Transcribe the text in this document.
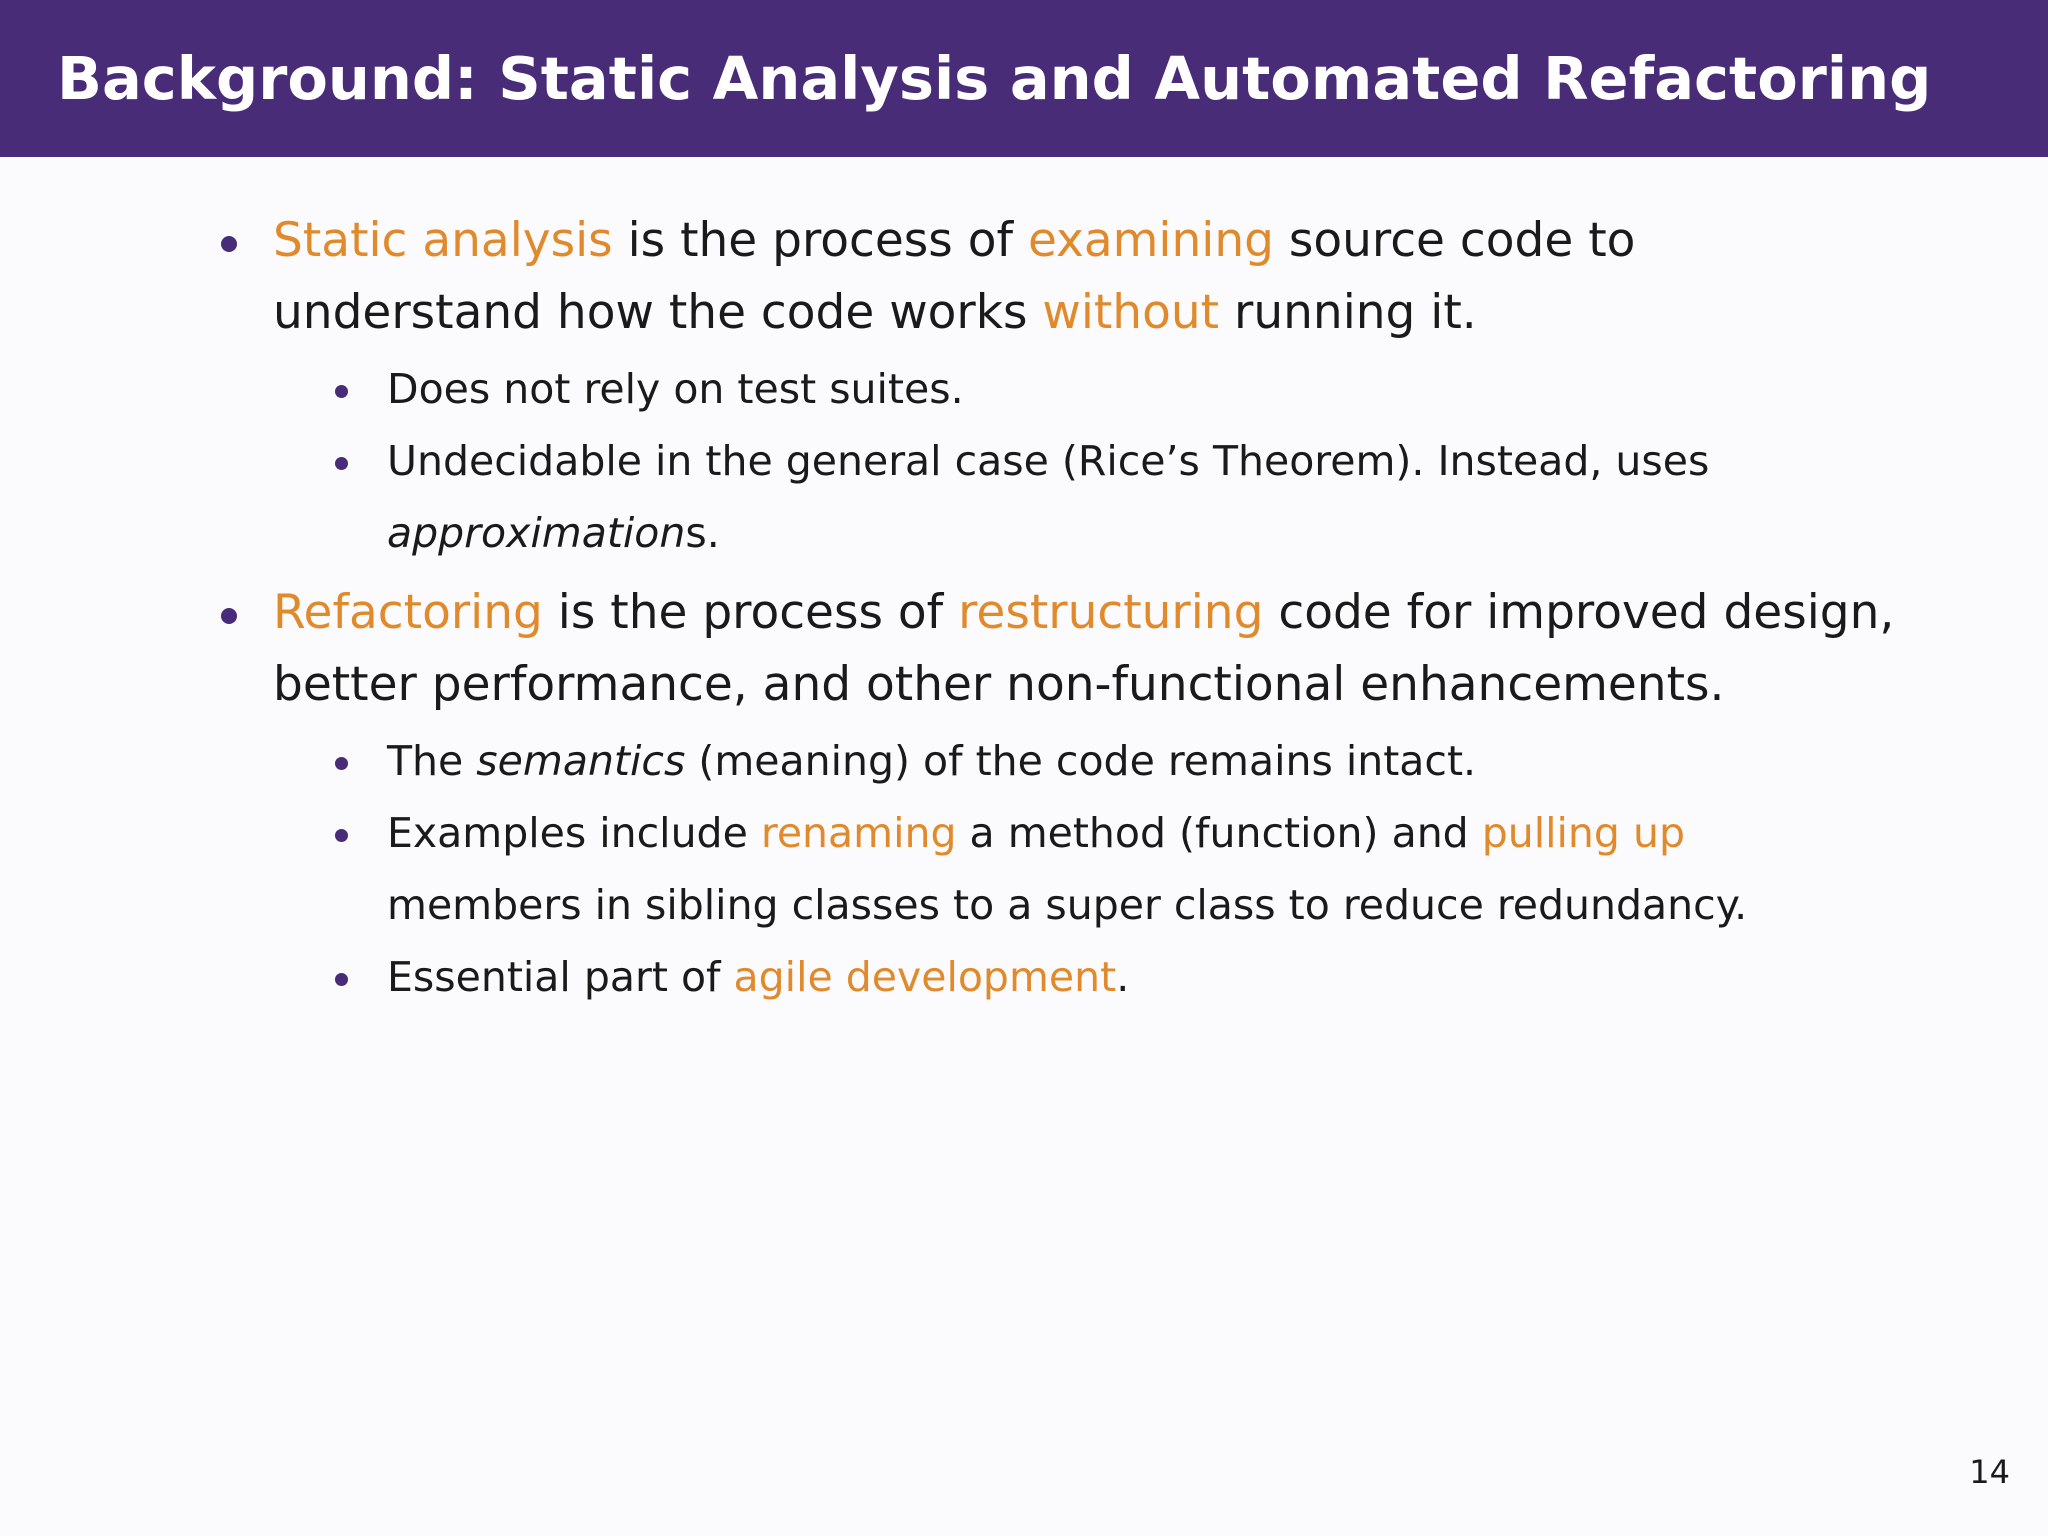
Background: Static Analysis and Automated Refactoring
Static analysis is the process of examining source code to
understand how the code works without running it.
Does not rely on test suites.
Undecidable in the general case (Rice’s Theorem). Instead, uses
approximations.
Refactoring is the process of restructuring code for improved design,
better performance, and other non-functional enhancements.
The semantics (meaning) of the code remains intact.
Examples include renaming a method (function) and pulling up
members in sibling classes to a super class to reduce redundancy.
Essential part of agile development.
14
